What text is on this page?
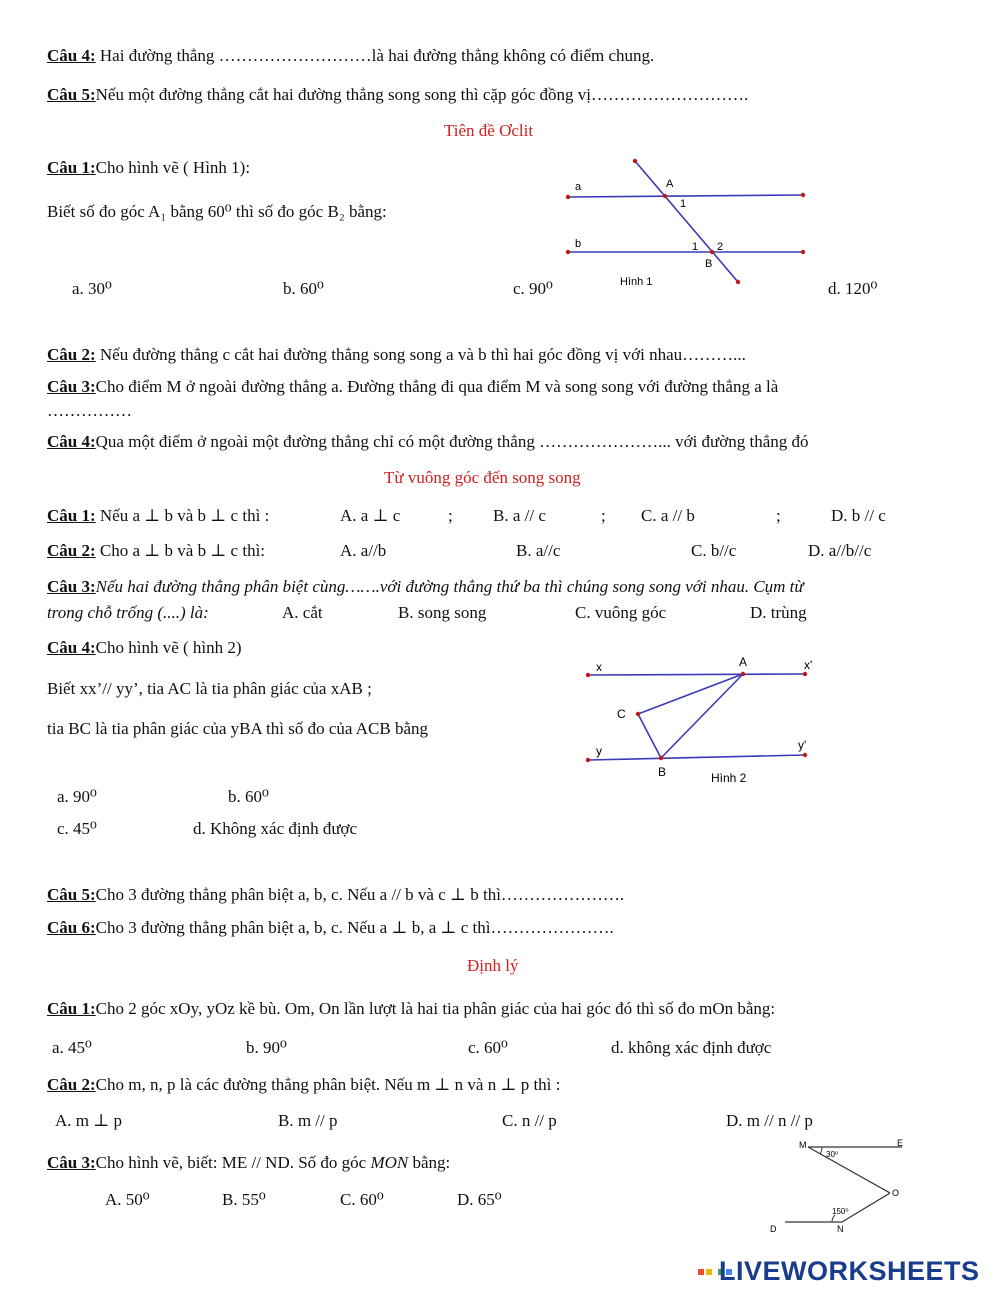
Câu 4: Hai đường thẳng ………………………là hai đường thẳng không có điểm chung.
Câu 5:Nếu một đường thẳng cắt hai đường thẳng song song thì cặp góc đồng vị……………………….
Tiên đề Ơclit
Câu 1:Cho hình vẽ ( Hình 1):
Biết số đo góc A₁ bằng 60⁰ thì số đo góc B₂ bằng:
a. 30⁰	b. 60⁰	c. 90⁰	d. 120⁰
a
b
A
1
1 2
B
Hình 1
Câu 2: Nếu đường thẳng c cắt hai đường thẳng song song a và b thì hai góc đồng vị với nhau………...
Câu 3:Cho điểm M ở ngoài đường thẳng a. Đường thẳng đi qua điểm M và song song với đường thẳng a là
……………
Câu 4:Qua một điểm ở ngoài một đường thẳng chỉ có một đường thẳng …………………... với đường thẳng đó
Từ vuông góc đến song song
Câu 1: Nếu a ⊥ b và b ⊥ c thì :	A. a ⊥ c	; B. a // c	; C. a // b	;	D. b // c
Câu 2: Cho a ⊥ b và b ⊥ c thì:	A. a//b	B. a//c	C. b//c	D. a//b//c
Câu 3:Nếu hai đường thẳng phân biệt cùng…….với đường thẳng thứ ba thì chúng song song với nhau. Cụm từ
trong chỗ trống (....) là:	A. cắt	B. song song	C. vuông góc	D. trùng
Câu 4:Cho hình vẽ ( hình 2)
Biết xx’// yy’, tia AC là tia phân giác của xAB ;
tia BC là tia phân giác của yBA thì số đo của ACB bằng
a. 90⁰	b. 60⁰
c. 45⁰	d. Không xác định được
x	x'
A
C
y	y'
B	Hình 2
Câu 5:Cho 3 đường thẳng phân biệt a, b, c. Nếu a // b và c ⊥ b thì………………….
Câu 6:Cho 3 đường thẳng phân biệt a, b, c. Nếu a ⊥ b, a ⊥ c thì………………….
Định lý
Câu 1:Cho 2 góc xOy, yOz kề bù. Om, On lần lượt là hai tia phân giác của hai góc đó thì số đo mOn bằng:
a. 45⁰	b. 90⁰	c. 60⁰	d. không xác định được
Câu 2:Cho m, n, p là các đường thẳng phân biệt. Nếu m ⊥ n và n ⊥ p thì :
A. m ⊥ p	B. m // p	C. n // p	D. m // n // p
Câu 3:Cho hình vẽ, biết: ME // ND. Số đo góc MON bằng:
A. 50⁰	B. 55⁰	C. 60⁰	D. 65⁰
M	E
O
D	N
30⁰
150⁰

LIVEWORKSHEETS
